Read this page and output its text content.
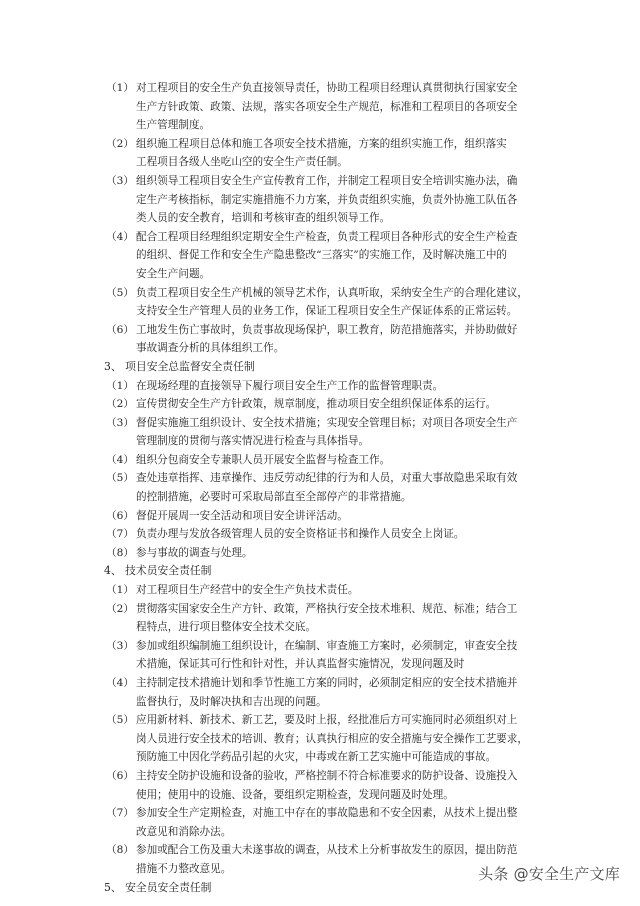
（1） 对工程项目的安全生产负直接领导责任，协助工程项目经理认真贯彻执行国家安全
生产方针政策、政策、法规，落实各项安全生产规范，标准和工程项目的各项安全
生产管理制度。
（2） 组织施工程项目总体和施工各项安全技术措施，方案的组织实施工作，组织落实
工程项目各级人坐吃山空的安全生产责任制。
（3） 组织领导工程项目安全生产宣传教育工作，并制定工程项目安全培训实施办法，确
定生产考核指标，制定实施措施不力方案，并负责组织实施，负责外协施工队伍各
类人员的安全教育，培训和考核审查的组织领导工作。
（4） 配合工程项目经理组织定期安全生产检查，负责工程项目各种形式的安全生产检查
的组织、督促工作和安全生产隐患整改“三落实”的实施工作，及时解决施工中的
安全生产问题。
（5） 负责工程项目安全生产机械的领导艺术作，认真听取，采纳安全生产的合理化建议，
支持安全生产管理人员的业务工作，保证工程项目安全生产保证体系的正常运转。
（6） 工地发生伤亡事故时，负责事故现场保护，职工教育，防范措施落实，并协助做好
事故调查分析的具体组织工作。
3、 项目安全总监督安全责任制
（1） 在现场经理的直接领导下履行项目安全生产工作的监督管理职责。
（2） 宣传贯彻安全生产方针政策，规章制度，推动项目安全组织保证体系的运行。
（3） 督促实施施工组织设计、安全技术措施；实现安全管理目标；对项目各项安全生产
管理制度的贯彻与落实情况进行检查与具体指导。
（4） 组织分包商安全专兼职人员开展安全监督与检查工作。
（5） 查处违章指挥、违章操作、违反劳动纪律的行为和人员，对重大事故隐患采取有效
的控制措施，必要时可采取局部直至全部停产的非常措施。
（6） 督促开展周一安全活动和项目安全讲评活动。
（7） 负责办理与发放各级管理人员的安全资格证书和操作人员安全上岗证。
（8） 参与事故的调查与处理。
4、 技术员安全责任制
（1） 对工程项目生产经营中的安全生产负技术责任。
（2） 贯彻落实国家安全生产方针、政策，严格执行安全技术堆积、规范、标准；结合工
程特点，进行项目整体安全技术交底。
（3） 参加或组织编制施工组织设计，在编制、审查施工方案时，必须制定，审查安全技
术措施，保证其可行性和针对性，并认真监督实施情况，发现问题及时
（4） 主持制定技术措施计划和季节性施工方案的同时，必须制定相应的安全技术措施并
监督执行，及时解决执和吉出现的问题。
（5） 应用新材料、新技术、新工艺，要及时上报，经批准后方可实施同时必须组织对上
岗人员进行安全技术的培训、教育；认真执行相应的安全措施与安全操作工艺要求，
预防施工中因化学药品引起的火灾，中毒或在新工艺实施中可能造成的事故。
（6） 主持安全防护设施和设备的验收，严格控制不符合标准要求的防护设备、设施投入
使用；使用中的设施、设备，要组织定期检查，发现问题及时处理。
（7） 参加安全生产定期检查，对施工中存在的事故隐患和不安全因素，从技术上提出整
改意见和消除办法。
（8） 参加或配合工伤及重大未遂事故的调查，从技术上分析事故发生的原因，提出防范
措施不力整改意见。
5、 安全员安全责任制
头条 @安全生产文库
